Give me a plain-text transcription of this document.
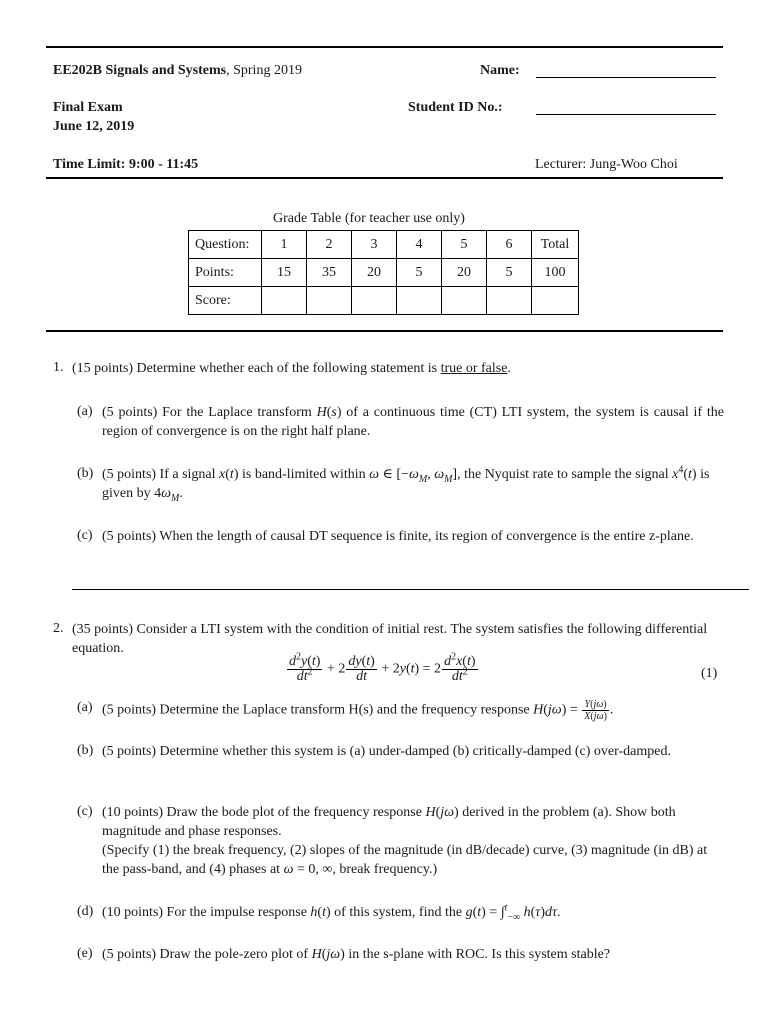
EE202B Signals and Systems, Spring 2019	Name:
Final Exam
June 12, 2019
Student ID No.:
Time Limit: 9:00 - 11:45	Lecturer: Jung-Woo Choi
Grade Table (for teacher use only)
Question:	1	2	3	4	5	6	Total
Points:	15	35	20	5	20	5	100
Score:							
1. (15 points) Determine whether each of the following statement is true or false.
(a) (5 points) For the Laplace transform H(s) of a continuous time (CT) LTI system, the system is causal if the region of convergence is on the right half plane.
(b) (5 points) If a signal x(t) is band-limited within ω ∈ [$-\omega_M$, $\omega_M$], the Nyquist rate to sample the signal $x^4(t)$ is given by $4\omega_M$.
(c) (5 points) When the length of causal DT sequence is finite, its region of convergence is the entire z-plane.
2. (35 points) Consider a LTI system with the condition of initial rest. The system satisfies the following differential equation.
$\frac{d^2y(t)}{dt^2} + 2 \frac{dy(t)}{dt} + 2y(t) = 2 \frac{d^2x(t)}{dt^2}$	(1)
(a) (5 points) Determine the Laplace transform H(s) and the frequency response $H(j\omega) = \frac{Y(j\omega)}{X(j\omega)}$ .
(b) (5 points) Determine whether this system is (a) under-damped (b) critically-damped (c) over-damped.
(c) (10 points) Draw the bode plot of the frequency response H(jω) derived in the problem (a). Show both magnitude and phase responses.
(Specify (1) the break frequency, (2) slopes of the magnitude (in dB/decade) curve, (3) magnitude (in dB) at the pass-band, and (4) phases at ω = 0, ∞, break frequency.)
(d) (10 points) For the impulse response h(t) of this system, find the g(t) = ∫$^t_{-\infty}$ h(τ)dτ.
(e) (5 points) Draw the pole-zero plot of H(jω) in the s-plane with ROC. Is this system stable?
